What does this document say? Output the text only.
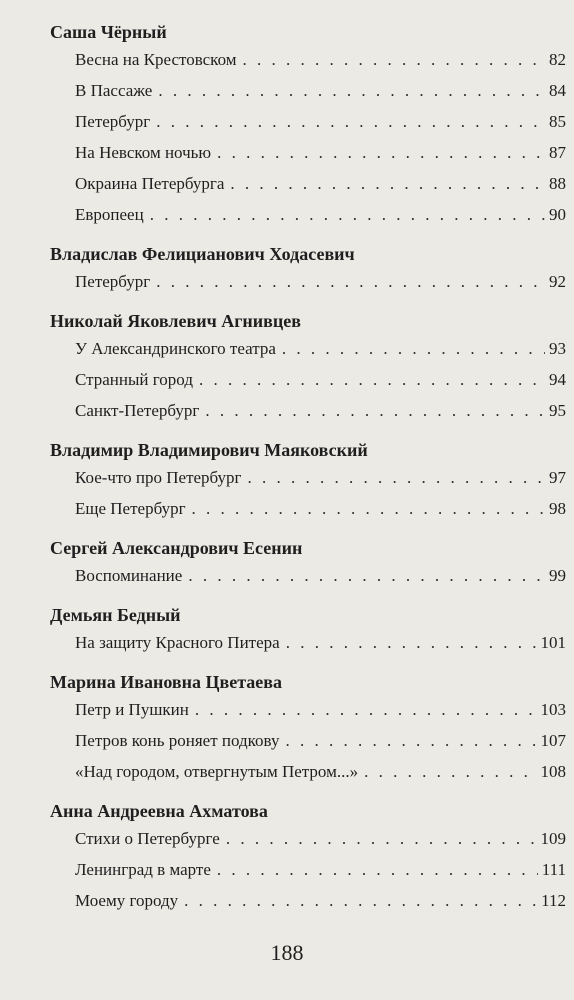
Саша Чёрный
Весна на Крестовском . . .	82
В Пассаже . . .	84
Петербург . . .	85
На Невском ночью . . .	87
Окраина Петербурга . . .	88
Европеец . . .	90
Владислав Фелицианович Ходасевич
Петербург . . .	92
Николай Яковлевич Агнивцев
У Александринского театра . . .	93
Странный город . . .	94
Санкт-Петербург . . .	95
Владимир Владимирович Маяковский
Кое-что про Петербург . . .	97
Еще Петербург . . .	98
Сергей Александрович Есенин
Воспоминание . . .	99
Демьян Бедный
На защиту Красного Питера . . .	101
Марина Ивановна Цветаева
Петр и Пушкин . . .	103
Петров конь роняет подкову . . .	107
«Над городом, отвергнутым Петром...» . . .	108
Анна Андреевна Ахматова
Стихи о Петербурге . . .	109
Ленинград в марте . . .	111
Моему городу . . .	112
188
